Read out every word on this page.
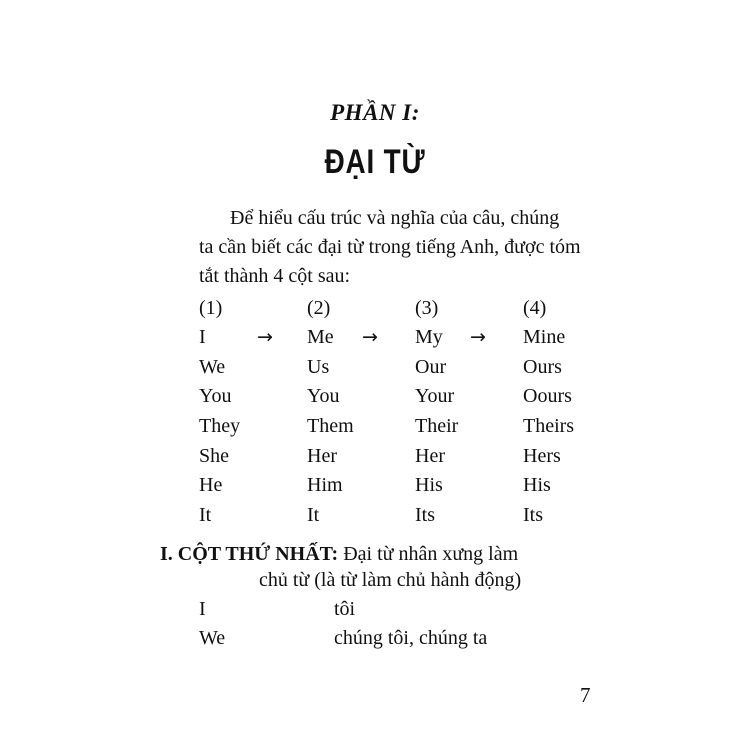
PHẦN I:
ĐẠI TỪ
Để hiểu cấu trúc và nghĩa của câu, chúng
ta cần biết các đại từ trong tiếng Anh, được tóm
tắt thành 4 cột sau:
(1)	(2)	(3)	(4)
I	→ Me → My → Mine
We	Us	Our	Ours
You	You	Your	Oours
They	Them	Their	Theirs
She	Her	Her	Hers
He	Him	His	His
It	It	Its	Its
I. CỘT THỨ NHẤT: Đại từ nhân xưng làm
chủ từ (là từ làm chủ hành động)
I	tôi
We	chúng tôi, chúng ta
7
